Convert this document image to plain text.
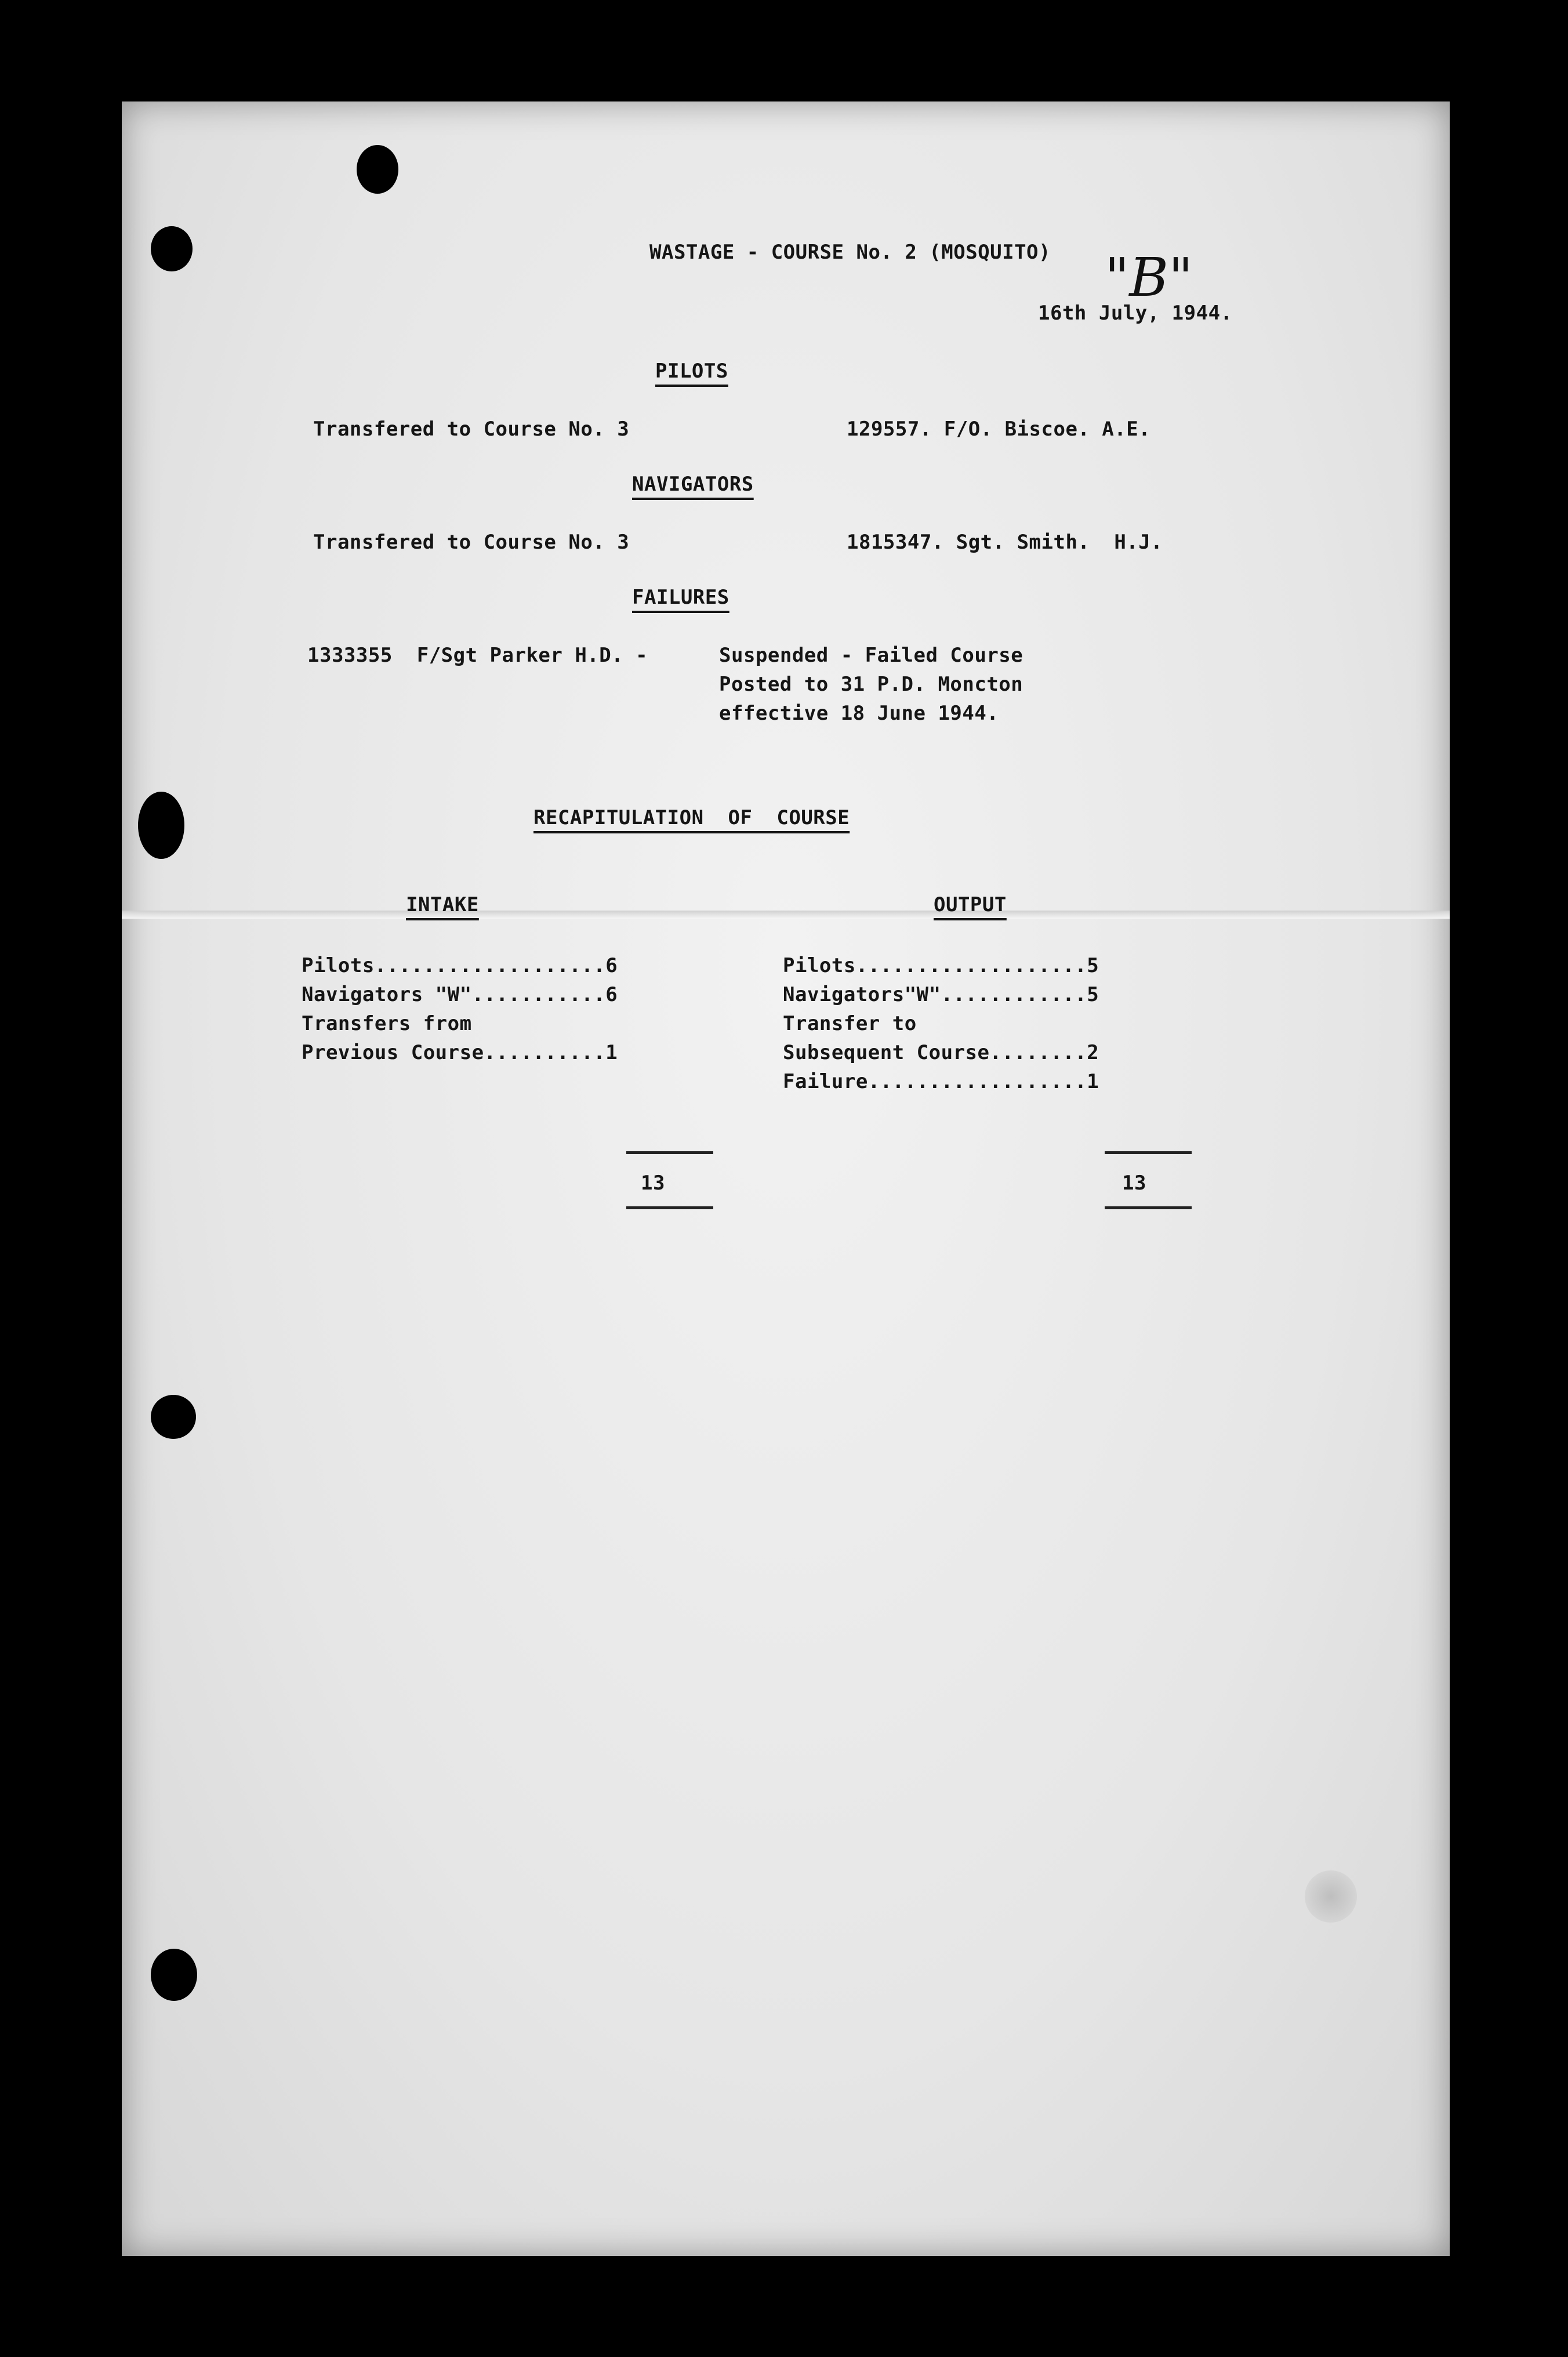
"B"

WASTAGE - COURSE No. 2 (MOSQUITO)

16th July, 1944.

PILOTS

Transfered to Course No. 3	129557. F/O. Biscoe. A.E.

NAVIGATORS

Transfered to Course No. 3	1815347. Sgt. Smith.  H.J.

FAILURES

1333355  F/Sgt Parker H.D. -	Suspended - Failed Course

Posted to 31 P.D. Moncton

effective 18 June 1944.

RECAPITULATION  OF  COURSE

INTAKE

Pilots...................6

Navigators "W"...........6

Transfers from

Previous Course..........1

OUTPUT

Pilots...................5

Navigators"W"............5

Transfer to

Subsequent Course........2

Failure..................1

13	13
